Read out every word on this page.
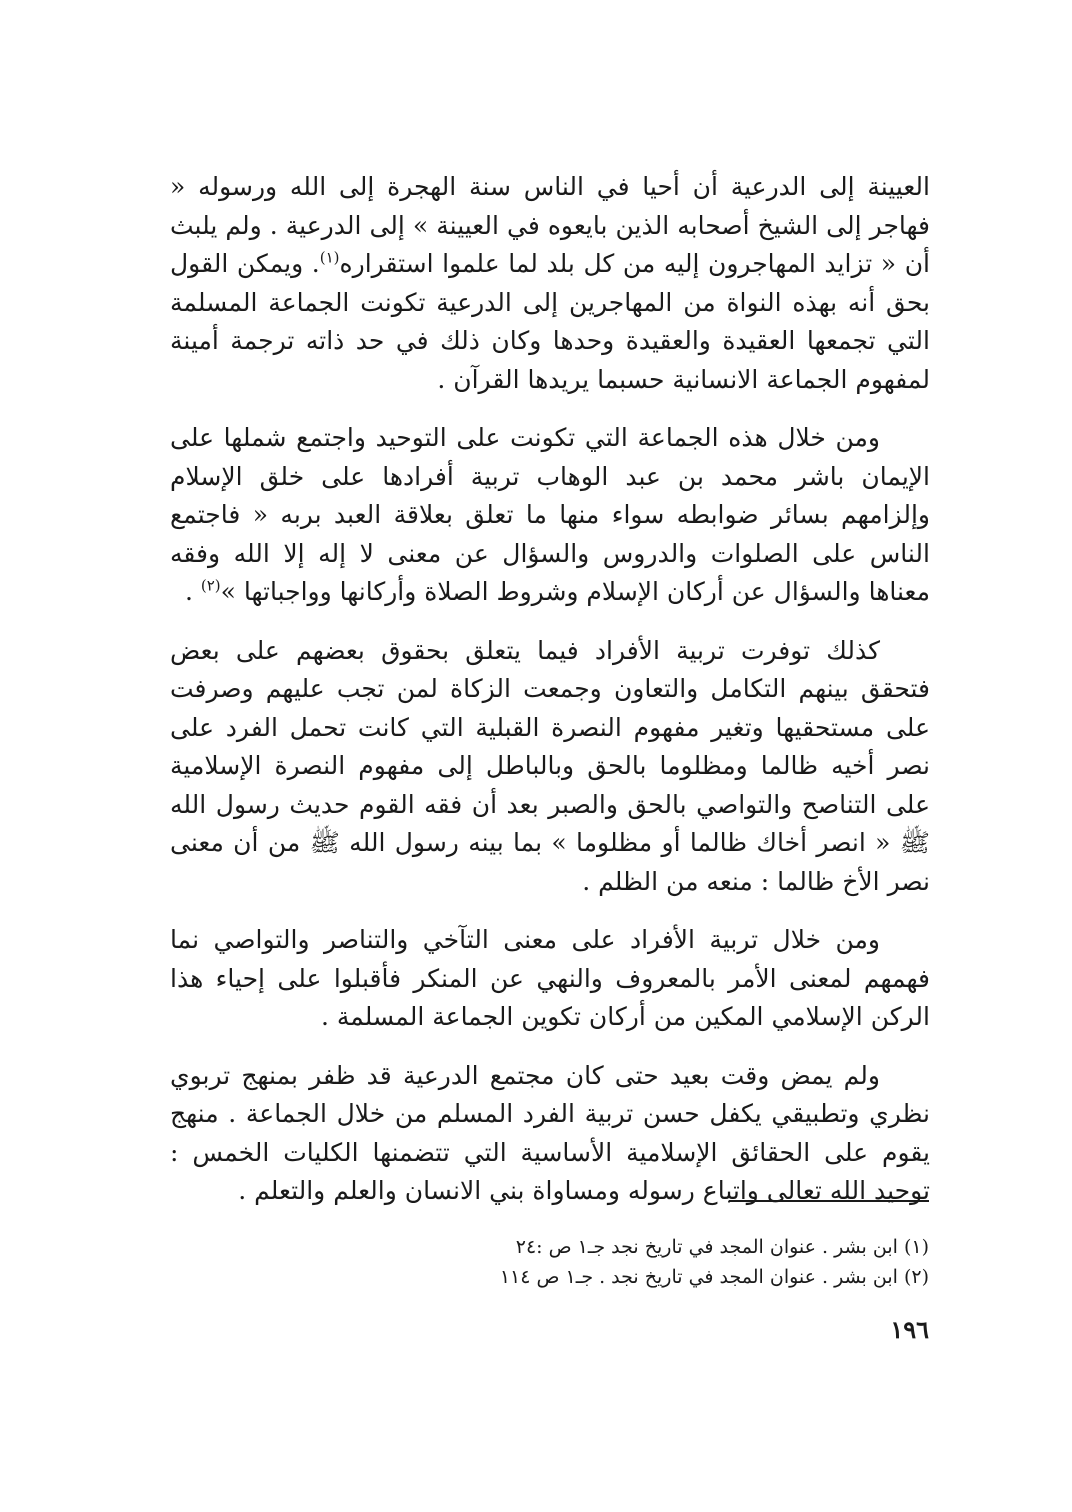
العيينة إلى الدرعية أن أحيا في الناس سنة الهجرة إلى الله ورسوله « فهاجر إلى الشيخ أصحابه الذين بايعوه في العيينة » إلى الدرعية . ولم يلبث أن « تزايد المهاجرون إليه من كل بلد لما علموا استقراره$^{(١)}$. ويمكن القول بحق أنه بهذه النواة من المهاجرين إلى الدرعية تكونت الجماعة المسلمة التي تجمعها العقيدة والعقيدة وحدها وكان ذلك في حد ذاته ترجمة أمينة لمفهوم الجماعة الانسانية حسبما يريدها القرآن .

ومن خلال هذه الجماعة التي تكونت على التوحيد واجتمع شملها على الإيمان باشر محمد بن عبد الوهاب تربية أفرادها على خلق الإسلام وإلزامهم بسائر ضوابطه سواء منها ما تعلق بعلاقة العبد بربه « فاجتمع الناس على الصلوات والدروس والسؤال عن معنى لا إله إلا الله وفقه معناها والسؤال عن أركان الإسلام وشروط الصلاة وأركانها وواجباتها »$^{(٢)}$ .

كذلك توفرت تربية الأفراد فيما يتعلق بحقوق بعضهم على بعض فتحقق بينهم التكامل والتعاون وجمعت الزكاة لمن تجب عليهم وصرفت على مستحقيها وتغير مفهوم النصرة القبلية التي كانت تحمل الفرد على نصر أخيه ظالما ومظلوما بالحق وبالباطل إلى مفهوم النصرة الإسلامية على التناصح والتواصي بالحق والصبر بعد أن فقه القوم حديث رسول الله ﷺ « انصر أخاك ظالما أو مظلوما » بما بينه رسول الله ﷺ من أن معنى نصر الأخ ظالما : منعه من الظلم .

ومن خلال تربية الأفراد على معنى التآخي والتناصر والتواصي نما فهمهم لمعنى الأمر بالمعروف والنهي عن المنكر فأقبلوا على إحياء هذا الركن الإسلامي المكين من أركان تكوين الجماعة المسلمة .

ولم يمض وقت بعيد حتى كان مجتمع الدرعية قد ظفر بمنهج تربوي نظري وتطبيقي يكفل حسن تربية الفرد المسلم من خلال الجماعة . منهج يقوم على الحقائق الإسلامية الأساسية التي تتضمنها الكليات الخمس : توحيد الله تعالى واتباع رسوله ومساواة بني الانسان والعلم والتعلم .

(١) ابن بشر . عنوان المجد في تاريخ نجد جـ١ ص :٢٤

(٢) ابن بشر . عنوان المجد في تاريخ نجد . جـ١ ص ١١٤

١٩٦
